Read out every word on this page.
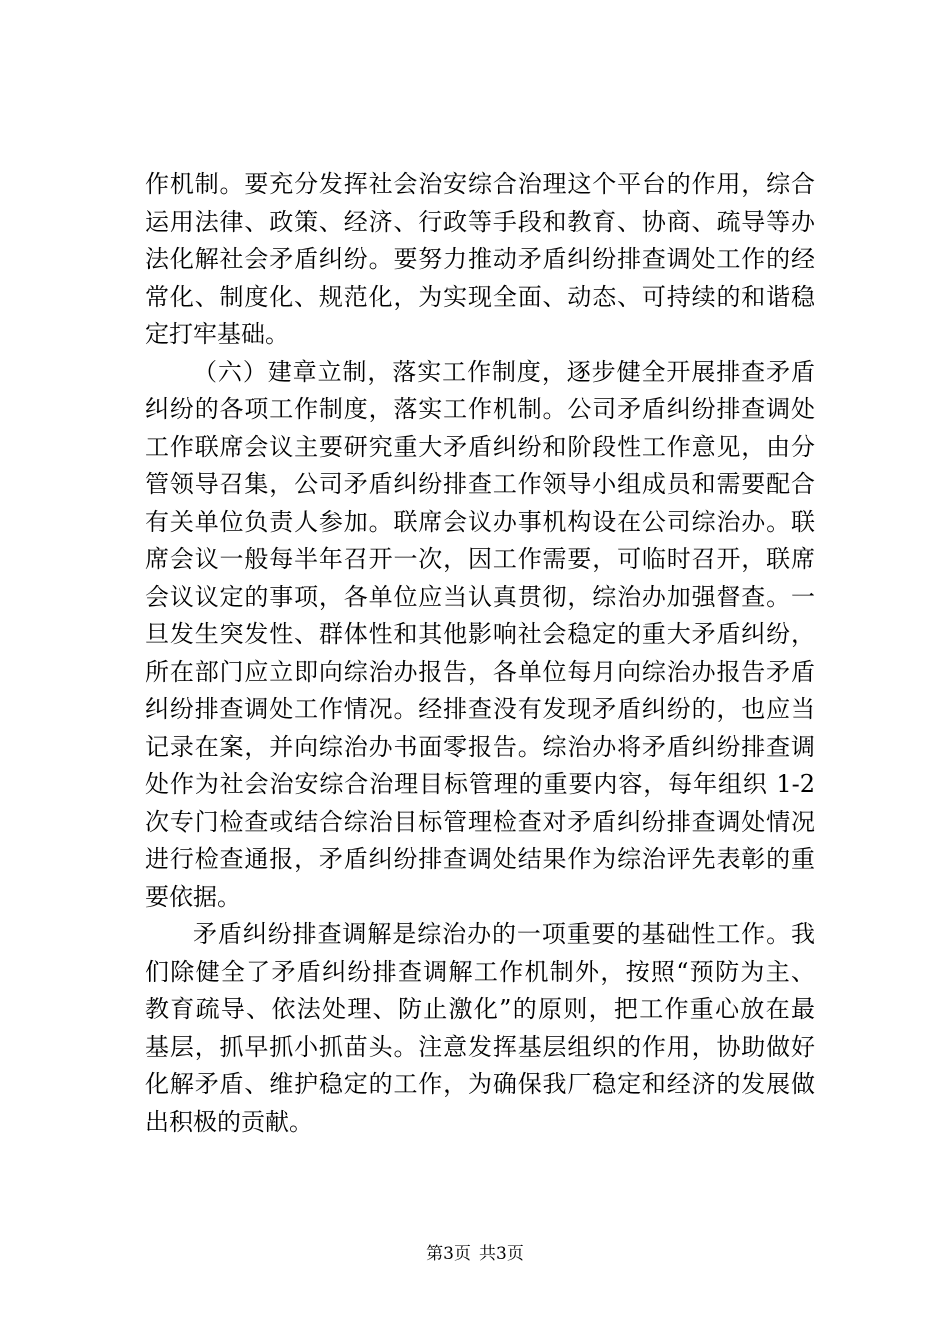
作机制。要充分发挥社会治安综合治理这个平台的作用，综合
运用法律、政策、经济、行政等手段和教育、协商、疏导等办
法化解社会矛盾纠纷。要努力推动矛盾纠纷排查调处工作的经
常化、制度化、规范化，为实现全面、动态、可持续的和谐稳
定打牢基础。
（六）建章立制，落实工作制度，逐步健全开展排查矛盾
纠纷的各项工作制度，落实工作机制。公司矛盾纠纷排查调处
工作联席会议主要研究重大矛盾纠纷和阶段性工作意见，由分
管领导召集，公司矛盾纠纷排查工作领导小组成员和需要配合
有关单位负责人参加。联席会议办事机构设在公司综治办。联
席会议一般每半年召开一次，因工作需要，可临时召开，联席
会议议定的事项，各单位应当认真贯彻，综治办加强督查。一
旦发生突发性、群体性和其他影响社会稳定的重大矛盾纠纷，
所在部门应立即向综治办报告，各单位每月向综治办报告矛盾
纠纷排查调处工作情况。经排查没有发现矛盾纠纷的，也应当
记录在案，并向综治办书面零报告。综治办将矛盾纠纷排查调
处作为社会治安综合治理目标管理的重要内容，每年组织 1-2
次专门检查或结合综治目标管理检查对矛盾纠纷排查调处情况
进行检查通报，矛盾纠纷排查调处结果作为综治评先表彰的重
要依据。
矛盾纠纷排查调解是综治办的一项重要的基础性工作。我
们除健全了矛盾纠纷排查调解工作机制外，按照“预防为主、
教育疏导、依法处理、防止激化”的原则，把工作重心放在最
基层，抓早抓小抓苗头。注意发挥基层组织的作用，协助做好
化解矛盾、维护稳定的工作，为确保我厂稳定和经济的发展做
出积极的贡献。
第3页 共3页
